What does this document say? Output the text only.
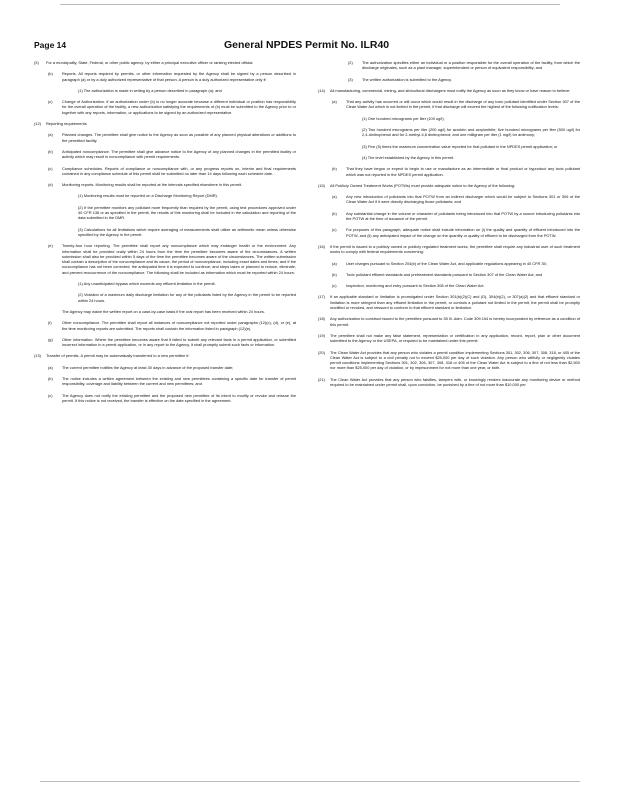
Page 14	General NPDES Permit No. ILR40
(3) For a municipality, State, Federal, or other public agency: by either a principal executive officer or ranking elected official.
(b) Reports. All reports required by permits, or other information requested by the Agency shall be signed by a person described in paragraph (a) or by a duly authorized representative of that person. A person is a duly authorized representative only if:
(1) The authorization is made in writing by a person described in paragraph (a); and
(c) Change of Authorization. If an authorization under (b) is no longer accurate because a different individual or position has responsibility for the overall operation of the facility, a new authorization satisfying the requirements of (b) must be submitted to the Agency prior to or together with any reports, information, or applications to be signed by an authorized representative.
(12) Reporting requirements
(a) Planned changes. The permittee shall give notice to the Agency as soon as possible of any planned physical alterations or additions to the permitted facility.
(b) Anticipated noncompliance. The permittee shall give advance notice to the Agency of any planned changes in the permitted facility or activity which may result in noncompliance with permit requirements.
(c) Compliance schedules. Reports of compliance or noncompliance with, or any progress reports on, interim and final requirements contained in any compliance schedule of this permit shall be submitted no later than 14 days following each schedule date.
(d) Monitoring reports. Monitoring results shall be reported at the intervals specified elsewhere in this permit.
(1) Monitoring results must be reported on a Discharge Monitoring Report (DMR).
(2) If the permittee monitors any pollutant more frequently than required by the permit, using test procedures approved under 40 CFR 136 or as specified in the permit, the results of this monitoring shall be included in the calculation and reporting of the data submitted in the DMR.
(3) Calculations for all limitations which require averaging of measurements shall utilize an arithmetic mean unless otherwise specified by the Agency in the permit.
(e) Twenty-four hour reporting. The permittee shall report any noncompliance which may endanger health or the environment. Any information shall be provided orally within 24 hours from the time the permittee becomes aware of the circumstances. A written submission shall also be provided within 5 days of the time the permittee becomes aware of the circumstances. The written submission shall contain a description of the noncompliance and its cause; the period of noncompliance, including exact dates and times; and if the noncompliance has not been corrected, the anticipated time it is expected to continue; and steps taken or planned to reduce, eliminate, and prevent reoccurrence of the noncompliance. The following shall be included as information which must be reported within 24 hours:
(1) Any unanticipated bypass which exceeds any effluent limitation in the permit.
(2) Violation of a maximum daily discharge limitation for any of the pollutants listed by the Agency in the permit to be reported within 24 hours.
The Agency may waive the written report on a case-by-case basis if the oral report has been received within 24 hours.
(f)	Other noncompliance. The permittee shall report all instances of noncompliance not reported under paragraphs (12)(c), (d), or (e), at the time monitoring reports are submitted. The reports shall contain the information listed in paragraph (12)(e).
(g) Other information. Where the permittee becomes aware that it failed to submit any relevant facts in a permit application, or submitted incorrect information in a permit application, or in any report to the Agency, it shall promptly submit such facts or information.
(13) Transfer of permits. A permit may be automatically transferred to a new permittee if:
(a) The current permittee notifies the Agency at least 30 days in advance of the proposed transfer date;
(b) The notice includes a written agreement between the existing and new permittees containing a specific date for transfer of permit responsibility, coverage and liability between the current and new permittees; and
(c) The Agency does not notify the existing permittee and the proposed new permittee of its intent to modify or revoke and reissue the permit. If this notice is not received, the transfer is effective on the date specified in the agreement.
(2) The authorization specifies either an individual or a position responsible for the overall operation of the facility, from which the discharge originates, such as a plant manager, superintendent or person of equivalent responsibility; and
(3) The written authorization is submitted to the Agency.
(14) All manufacturing, commercial, mining, and silvicultural dischargers must notify the Agency as soon as they know or have reason to believe:
(a) That any activity has occurred or will occur which would result in the discharge of any toxic pollutant identified under Section 307 of the Clean Water Act which is not limited in the permit, if that discharge will exceed the highest of the following notification levels:
(1) One hundred micrograms per liter (100 ug/l);
(2) Two hundred micrograms per liter (200 ug/l) for acrolein and acrylonitrile; five hundred micrograms per liter (500 ug/l) for 2,4-dinitrophenol and for 2-methyl-4,6 dinitrophenol; and one milligram per liter (1 mg/l) for antimony;
(3) Five (5) times the maximum concentration value reported for that pollutant in the NPDES permit application; or
(4) The level established by the Agency in this permit.
(b) That they have begun or expect to begin to use or manufacture as an intermediate or final product or byproduct any toxic pollutant which was not reported in the NPDES permit application.
(15) All Publicly Owned Treatment Works (POTWs) must provide adequate notice to the Agency of the following:
(a) Any new introduction of pollutants into that POTW from an indirect discharger which would be subject to Sections 301 or 306 of the Clean Water Act if it were directly discharging those pollutants; and
(b) Any substantial change in the volume or character of pollutants being introduced into that POTW by a source introducing pollutants into the POTW at the time of issuance of the permit.
(c) For purposes of this paragraph, adequate notice shall include information on (i) the quality and quantity of effluent introduced into the POTW, and (ii) any anticipated impact of the change on the quantity or quality of effluent to be discharged from the POTW.
(16) If the permit is issued to a publicly owned or publicly regulated treatment works, the permittee shall require any industrial user of such treatment works to comply with federal requirements concerning:
(a) User charges pursuant to Section 204(b) of the Clean Water Act, and applicable regulations appearing in 40 CFR 35;
(b) Toxic pollutant effluent standards and pretreatment standards pursuant to Section 307 of the Clean Water Act; and
(c) Inspection, monitoring and entry pursuant to Section 308 of the Clean Water Act.
(17) If an applicable standard or limitation is promulgated under Section 301(b)(2)(C) and (D), 304(b)(2), or 307(a)(2) and that effluent standard or limitation is more stringent than any effluent limitation in the permit, or controls a pollutant not limited in the permit, the permit shall be promptly modified or revoked, and reissued to conform to that effluent standard or limitation.
(18) Any authorization to construct issued to the permittee pursuant to 35 Ill. Adm. Code 309.154 is hereby incorporated by reference as a condition of this permit.
(19) The permittee shall not make any false statement, representation or certification in any application, record, report, plan or other document submitted to the Agency or the USEPA, or required to be maintained under this permit.
(20) The Clean Water Act provides that any person who violates a permit condition implementing Sections 301, 302, 306, 307, 308, 318, or 405 of the Clean Water Act is subject to a civil penalty not to exceed $25,000 per day of such violation. Any person who willfully or negligently violates permit conditions implementing Sections 301, 302, 306, 307, 308, 318 or 405 of the Clean Water Act is subject to a fine of not less than $2,500 nor more than $25,000 per day of violation, or by imprisonment for not more than one year, or both.
(21) The Clean Water Act provides that any person who falsifies, tampers with, or knowingly renders inaccurate any monitoring device or method required to be maintained under permit shall, upon conviction, be punished by a fine of not more than $10,000 per
